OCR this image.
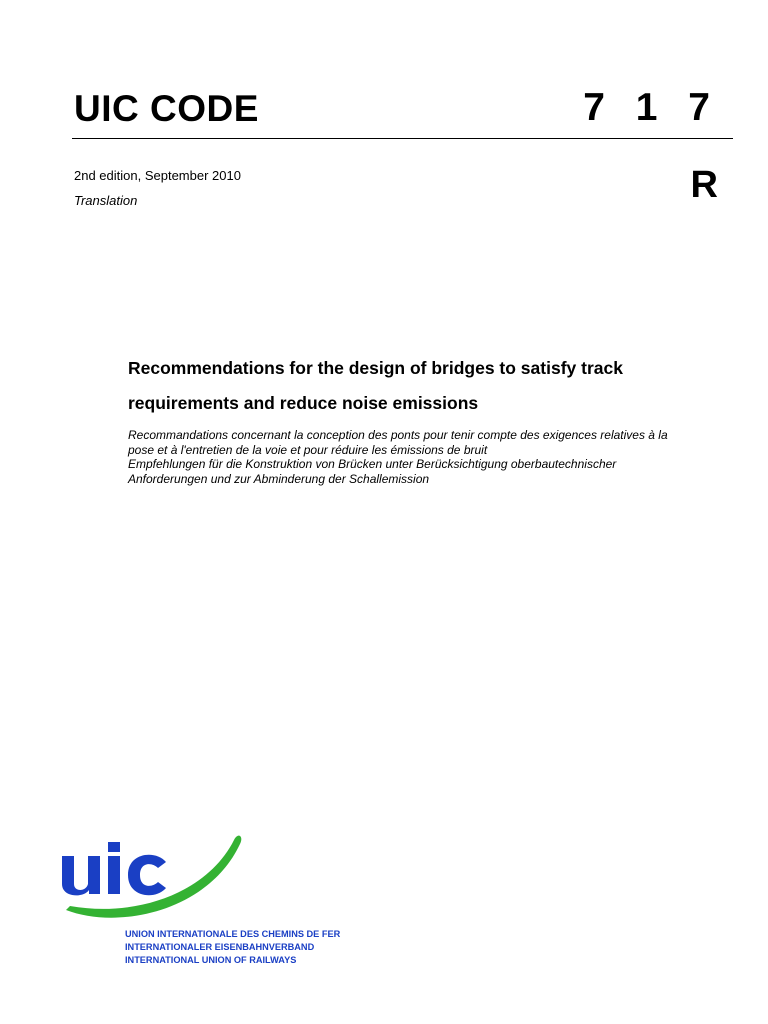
UIC CODE	7 1 7
2nd edition, September 2010
Translation	R
Recommendations for the design of bridges to satisfy track
requirements and reduce noise emissions
Recommandations concernant la conception des ponts pour tenir compte des exigences relatives à la
pose et à l'entretien de la voie et pour réduire les émissions de bruit
Empfehlungen für die Konstruktion von Brücken unter Berücksichtigung oberbautechnischer
Anforderungen und zur Abminderung der Schallemission
UNION INTERNATIONALE DES CHEMINS DE FER
INTERNATIONALER EISENBAHNVERBAND
INTERNATIONAL UNION OF RAILWAYS
